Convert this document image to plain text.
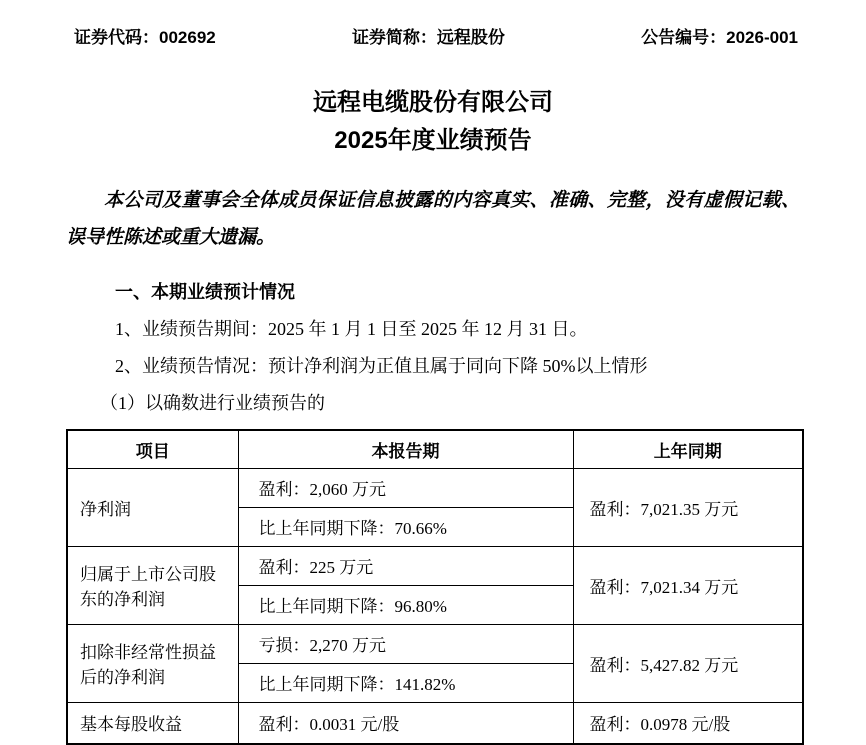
证券代码：002692	证券简称：远程股份	公告编号：2026-001
远程电缆股份有限公司
2025年度业绩预告

本公司及董事会全体成员保证信息披露的内容真实、准确、完整，没有虚假记载、误导性陈述或重大遗漏。

一、本期业绩预计情况
1、业绩预告期间：2025 年 1 月 1 日至 2025 年 12 月 31 日。
2、业绩预告情况：预计净利润为正值且属于同向下降 50%以上情形
（1）以确数进行业绩预告的
项目	本报告期	上年同期
净利润	盈利：2,060 万元	盈利：7,021.35 万元
	比上年同期下降：70.66%	
归属于上市公司股东的净利润	盈利：225 万元	盈利：7,021.34 万元
	比上年同期下降：96.80%	
扣除非经常性损益后的净利润	亏损：2,270 万元	盈利：5,427.82 万元
	比上年同期下降：141.82%	
基本每股收益	盈利：0.0031 元/股	盈利：0.0978 元/股
